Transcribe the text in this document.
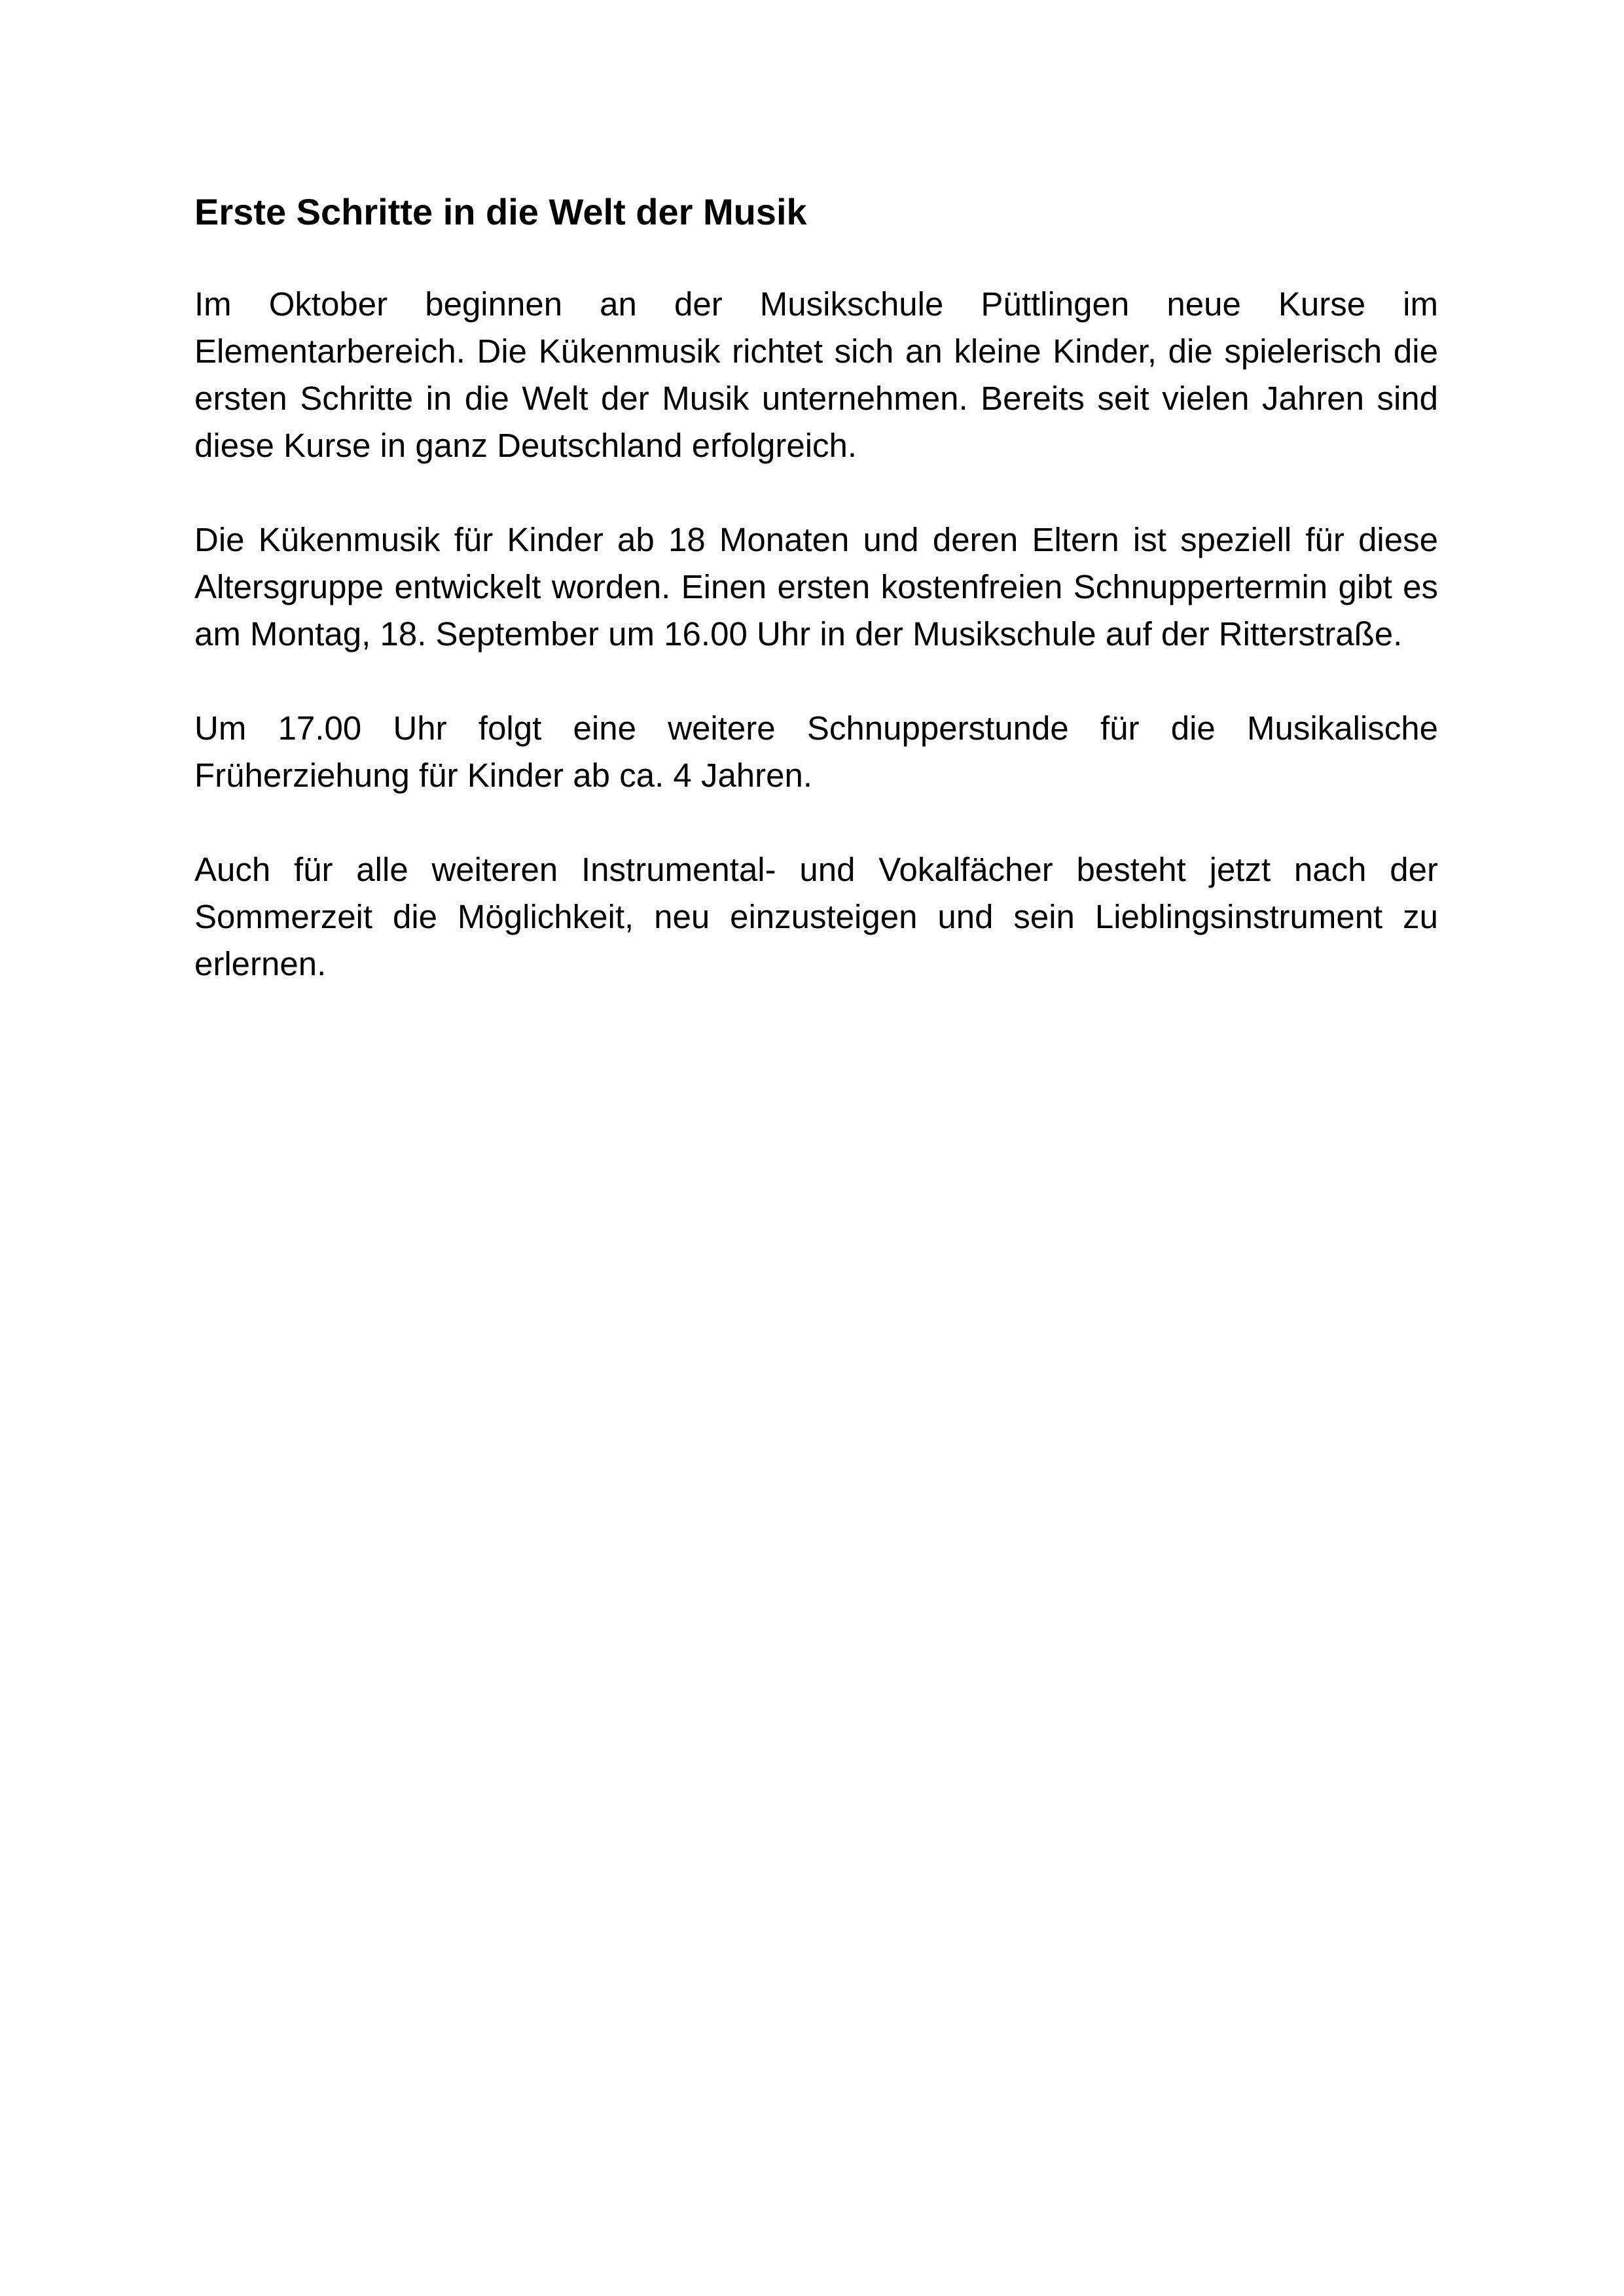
Erste Schritte in die Welt der Musik

Im Oktober beginnen an der Musikschule Püttlingen neue Kurse im Elementarbereich. Die Kükenmusik richtet sich an kleine Kinder, die spielerisch die ersten Schritte in die Welt der Musik unternehmen. Bereits seit vielen Jahren sind diese Kurse in ganz Deutschland erfolgreich.

Die Kükenmusik für Kinder ab 18 Monaten und deren Eltern ist speziell für diese Altersgruppe entwickelt worden. Einen ersten kostenfreien Schnuppertermin gibt es am Montag, 18. September um 16.00 Uhr in der Musikschule auf der Ritterstraße.

Um 17.00 Uhr folgt eine weitere Schnupperstunde für die Musikalische Früherziehung für Kinder ab ca. 4 Jahren.

Auch für alle weiteren Instrumental- und Vokalfächer besteht jetzt nach der Sommerzeit die Möglichkeit, neu einzusteigen und sein Lieblingsinstrument zu erlernen.
